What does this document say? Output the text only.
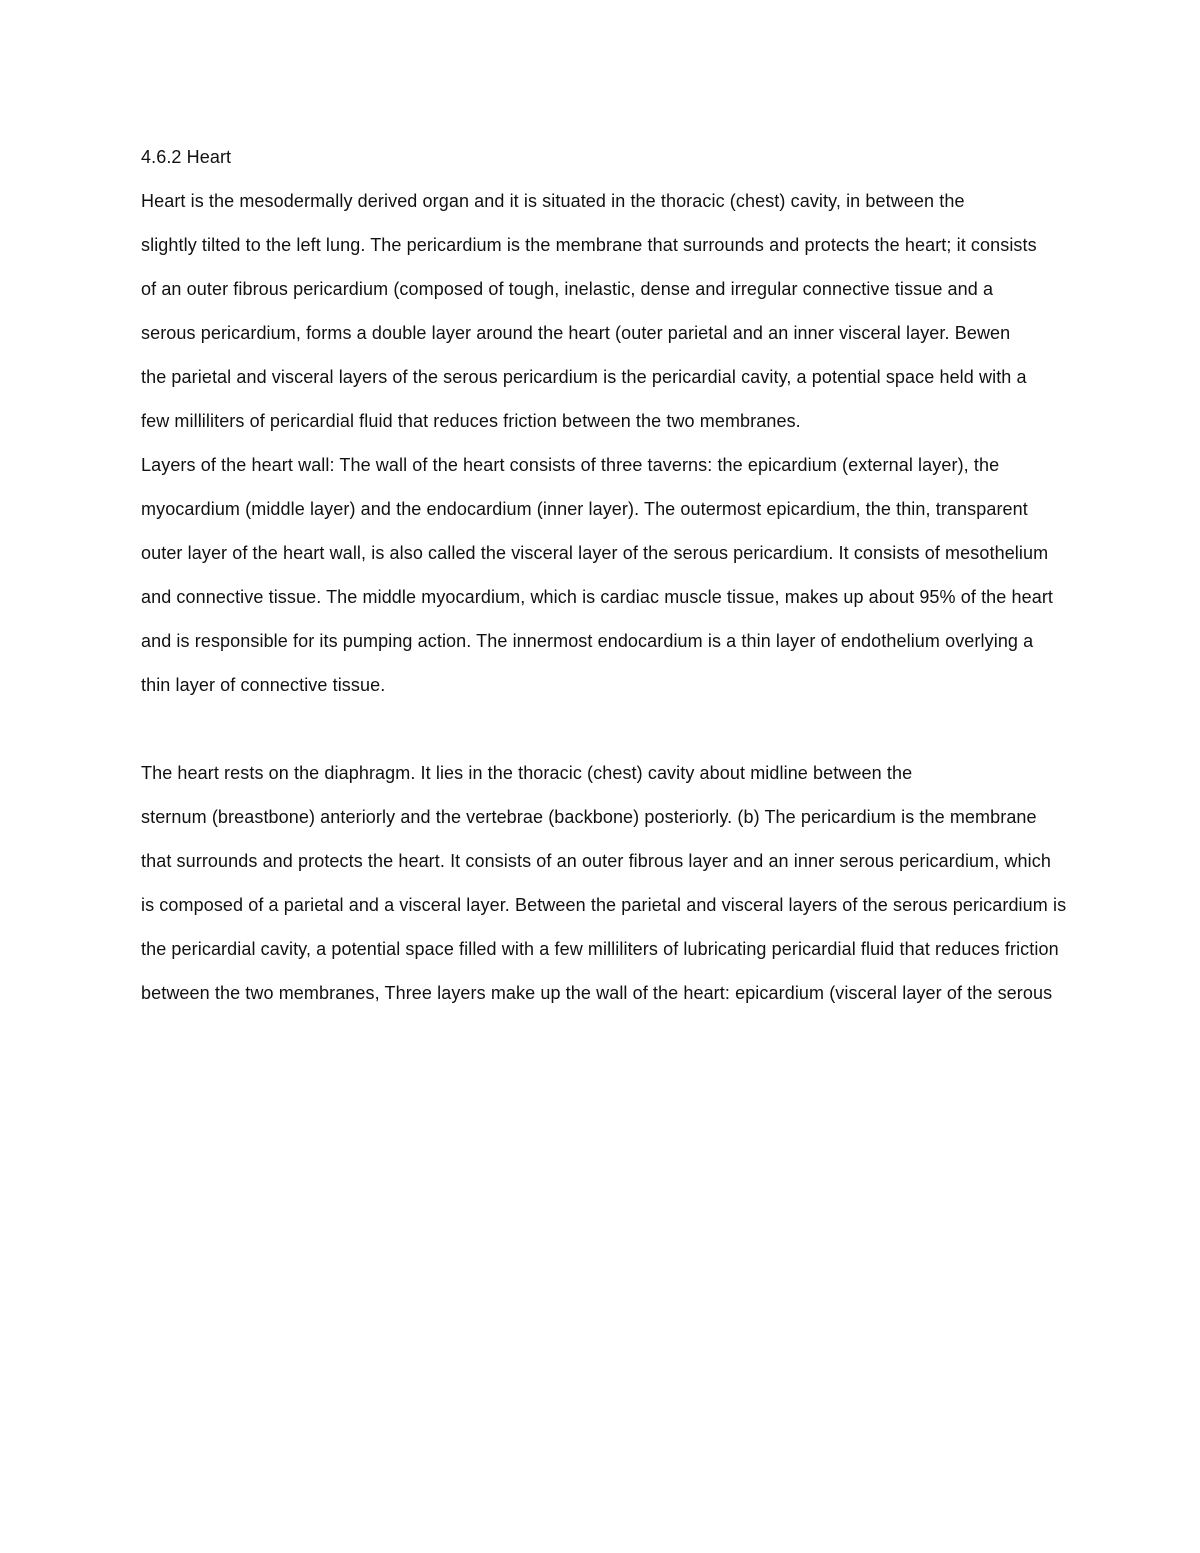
4.6.2 Heart

Heart is the mesodermally derived organ and it is situated in the thoracic (chest) cavity, in between the

slightly tilted to the left lung. The pericardium is the membrane that surrounds and protects the heart; it consists

of an outer fibrous pericardium (composed of tough, inelastic, dense and irregular connective tissue and a

serous pericardium, forms a double layer around the heart (outer parietal and an inner visceral layer. Bewen

the parietal and visceral layers of the serous pericardium is the pericardial cavity, a potential space held with a

few milliliters of pericardial fluid that reduces friction between the two membranes.

Layers of the heart wall: The wall of the heart consists of three taverns: the epicardium (external layer), the

myocardium (middle layer) and the endocardium (inner layer). The outermost epicardium, the thin, transparent

outer layer of the heart wall, is also called the visceral layer of the serous pericardium. It consists of mesothelium

and connective tissue. The middle myocardium, which is cardiac muscle tissue, makes up about 95% of the heart

and is responsible for its pumping action. The innermost endocardium is a thin layer of endothelium overlying a

thin layer of connective tissue.

The heart rests on the diaphragm. It lies in the thoracic (chest) cavity about midline between the

sternum (breastbone) anteriorly and the vertebrae (backbone) posteriorly. (b) The pericardium is the membrane

that surrounds and protects the heart. It consists of an outer fibrous layer and an inner serous pericardium, which

is composed of a parietal and a visceral layer. Between the parietal and visceral layers of the serous pericardium is

the pericardial cavity, a potential space filled with a few milliliters of lubricating pericardial fluid that reduces friction

between the two membranes, Three layers make up the wall of the heart: epicardium (visceral layer of the serous
